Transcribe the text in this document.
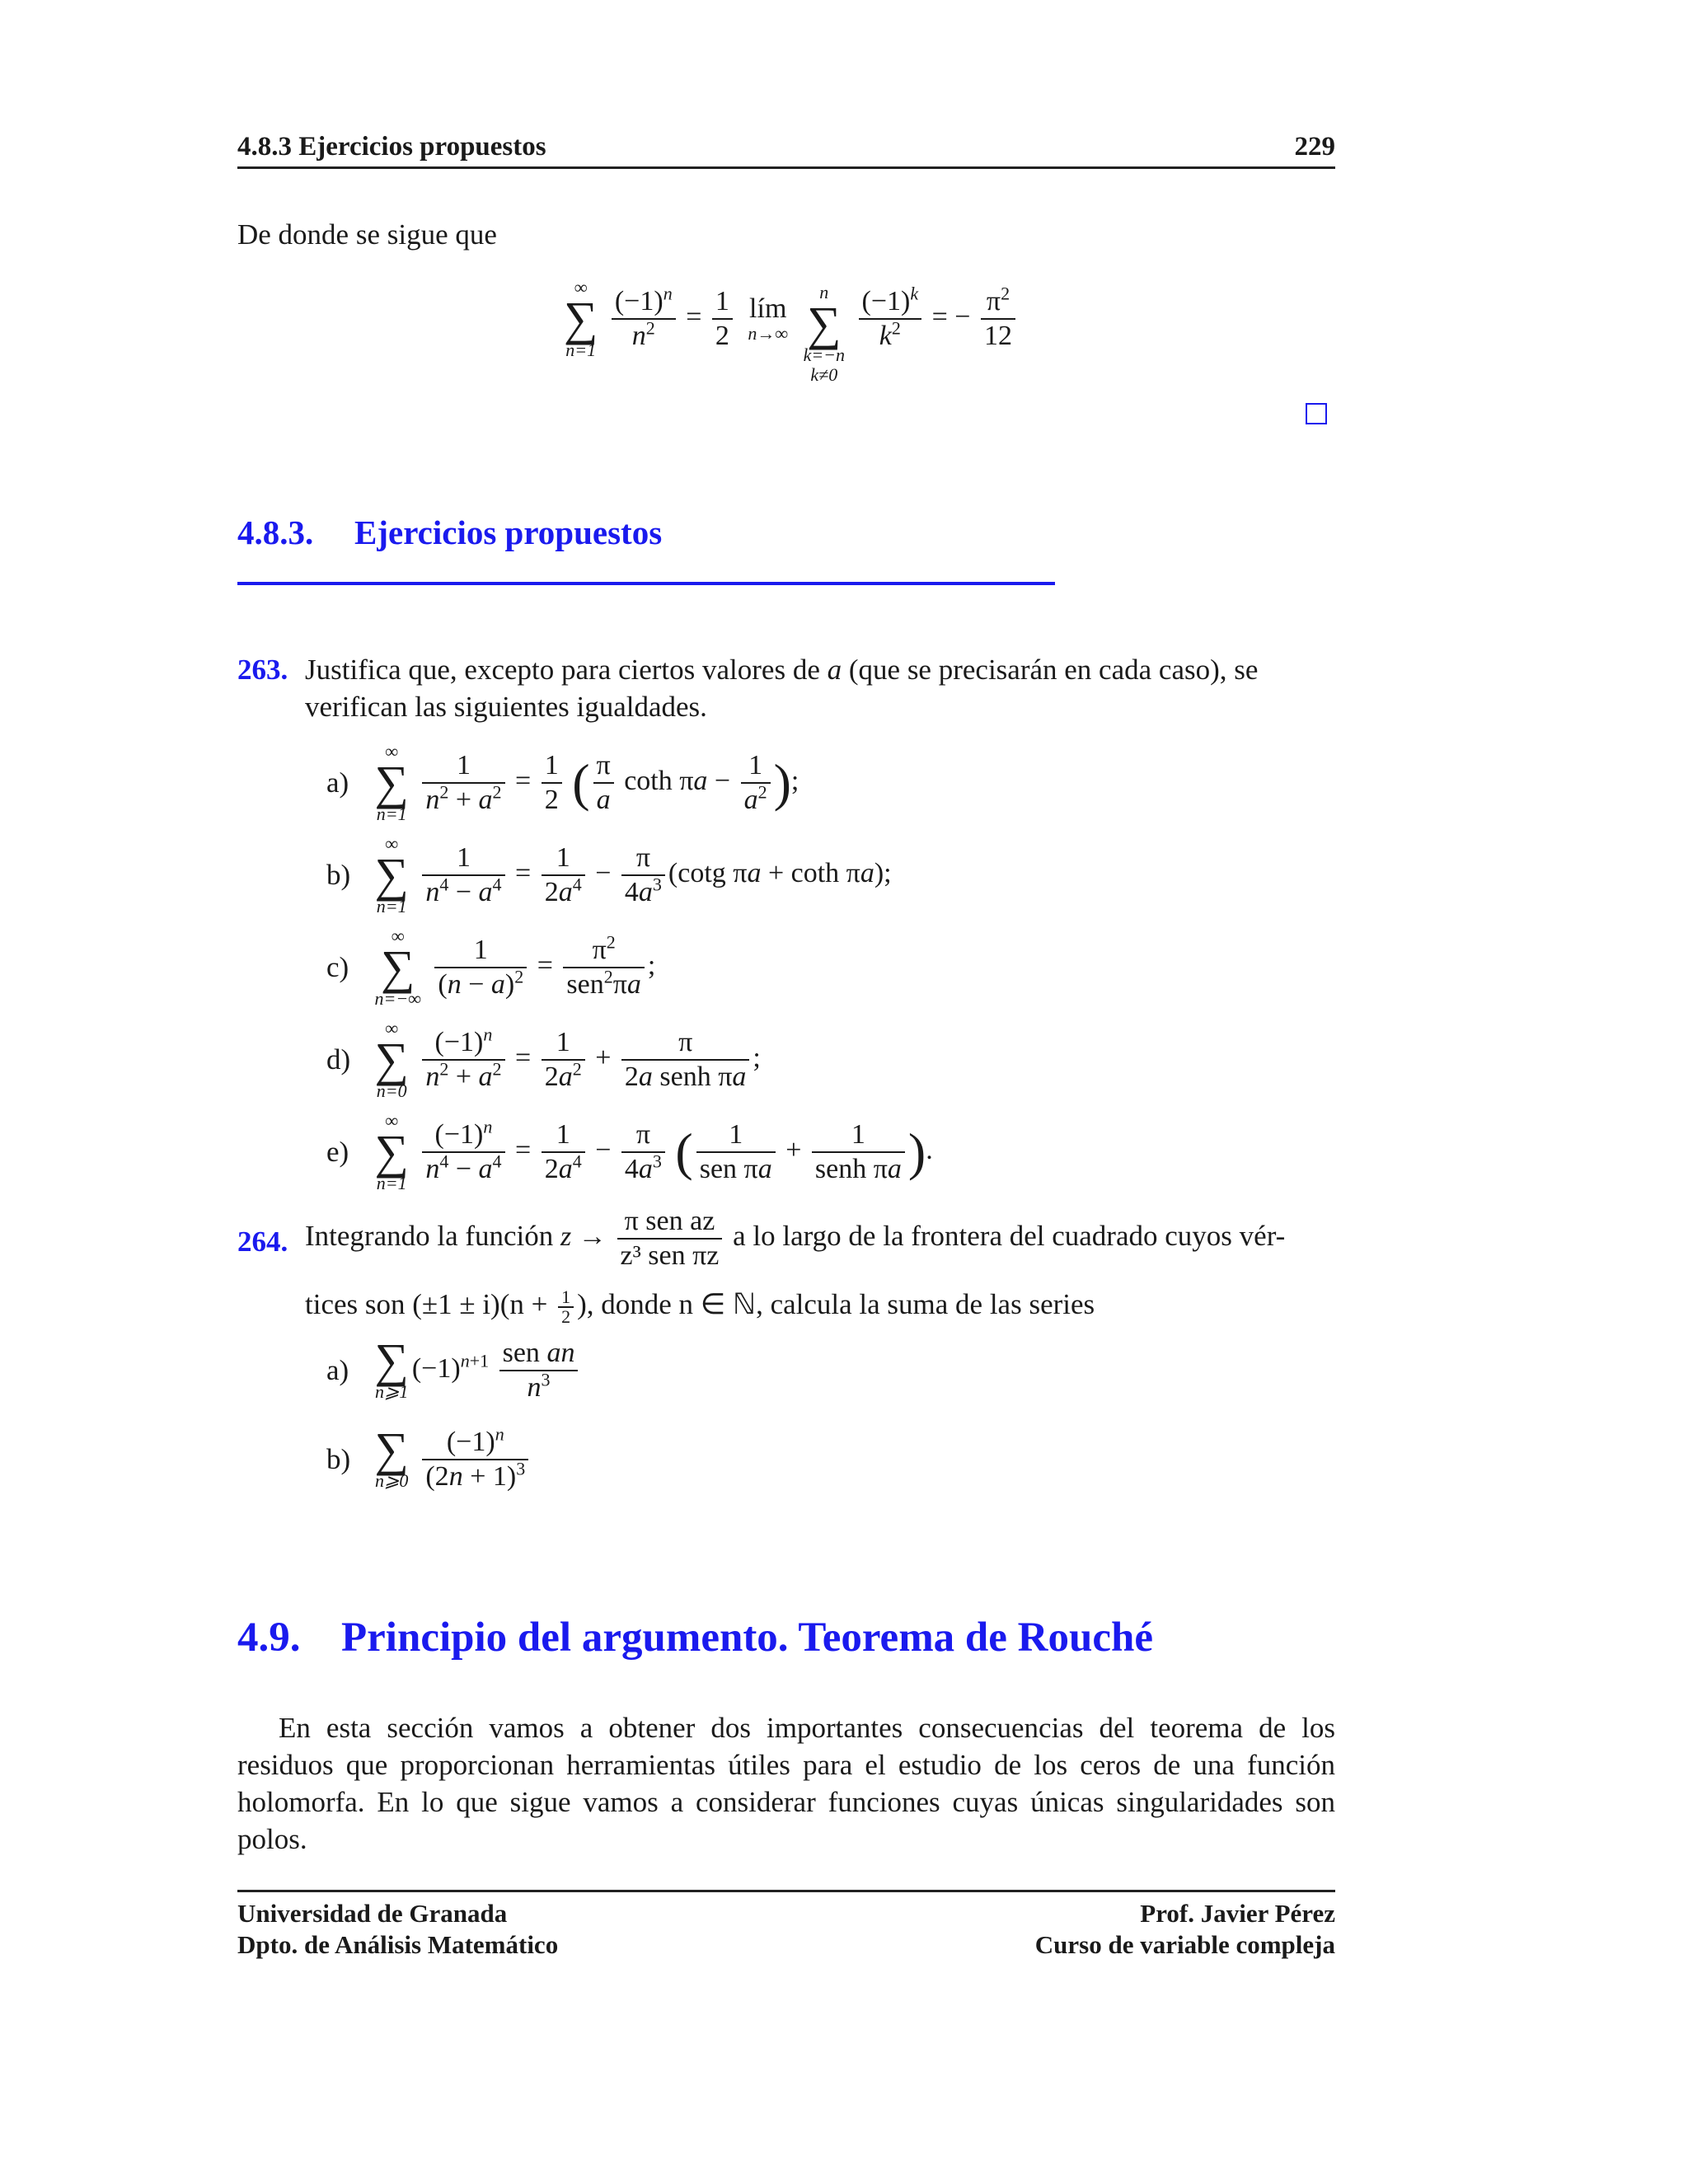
4.8.3 Ejercicios propuestos	229
De donde se sigue que
∞
∑
n=1
$\frac{(-1)^n}{n^2} = \frac{1}{2}$
lím
n→∞

n
∑
k=−n
k≠0

$\frac{(-1)^k}{k^2}$ = − $\frac{\pi^2}{12}$
4.8.3. Ejercicios propuestos
263. Justifica que, excepto para ciertos valores de a (que se precisarán en cada caso), se
verifican las siguientes igualdades.
a)
∞
∑
n=1
$\frac{1}{n^2 + a^2} = \frac{1}{2}$ ( $\frac{\pi}{a}$ coth $\pi a - \frac{1}{a^2}$ );
b)
∞
∑
n=1
$\frac{1}{n^4 - a^4} = \frac{1}{2a^4} - \frac{\pi}{4a^3} (\cot g$ πa + coth πa);
c)
∞
∑
n=−∞
$\frac{1}{(n - a)^2}$ =
$\pi^2$
sen$^2$πa
;
d)
∞
∑
n=0
$\frac{(-1)^n}{n^2 + a^2} = \frac{1}{2a^2}$ +
π
2a senh πa
;
e)
∞
∑
n=1
$\frac{(-1)^n}{n^4 - a^4} = \frac{1}{2a^4} - \frac{\pi}{4a^3}$ (	1
sen πa
+
1
senh πa ).
264. Integrando la función z →
π sen az
z³ sen πz
a lo largo de la frontera del cuadrado cuyos vér-
tices son $(\pm 1 \pm i)(n + \frac{1}{2}$ ), donde n ∈ ℕ, calcula la suma de las series
a) ∑
n⩾1
$(-1)^{n+1}$ sen an
$n^3$
b) ∑
n⩾0
$\frac{(-1)^n}{(2n + 1)^3}$
4.9. Principio del argumento. Teorema de Rouché
En esta sección vamos a obtener dos importantes consecuencias del teorema de los residuos que proporcionan herramientas útiles para el estudio de los ceros de una función holomorfa. En lo que sigue vamos a considerar funciones cuyas únicas singularidades son polos.
Universidad de Granada
Dpto. de Análisis Matemático
Prof. Javier Pérez
Curso de variable compleja
